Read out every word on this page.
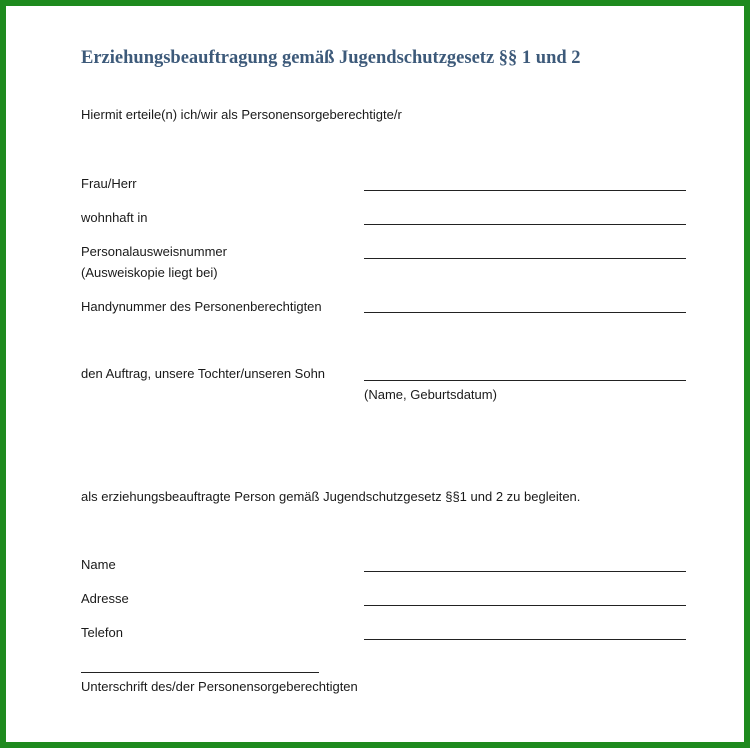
Erziehungsbeauftragung gemäß Jugendschutzgesetz §§ 1 und 2
Hiermit erteile(n) ich/wir als Personensorgeberechtigte/r
Frau/Herr
wohnhaft in
Personalausweisnummer
(Ausweiskopie liegt bei)
Handynummer des Personenberechtigten
den Auftrag, unsere Tochter/unseren Sohn
(Name, Geburtsdatum)
als erziehungsbeauftragte Person gemäß Jugendschutzgesetz §§1 und 2 zu begleiten.
Name
Adresse
Telefon
Unterschrift des/der Personensorgeberechtigten
